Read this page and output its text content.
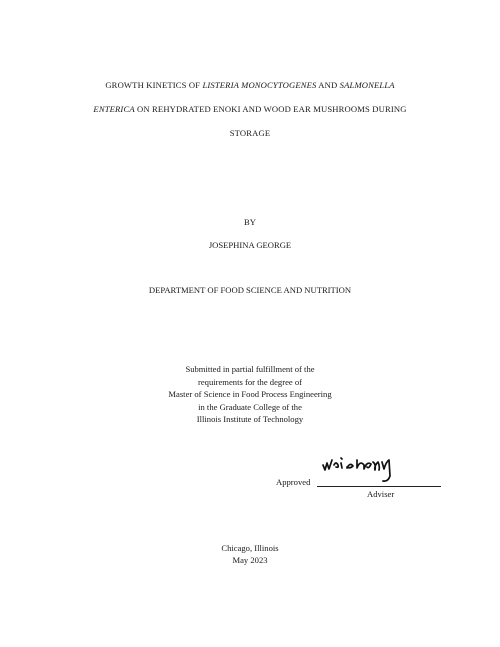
GROWTH KINETICS OF LISTERIA MONOCYTOGENES AND SALMONELLA
ENTERICA ON REHYDRATED ENOKI AND WOOD EAR MUSHROOMS DURING
STORAGE
BY
JOSEPHINA GEORGE
DEPARTMENT OF FOOD SCIENCE AND NUTRITION
Submitted in partial fulfillment of the
requirements for the degree of
Master of Science in Food Process Engineering
in the Graduate College of the
Illinois Institute of Technology
Approved
Adviser
Chicago, Illinois
May 2023
